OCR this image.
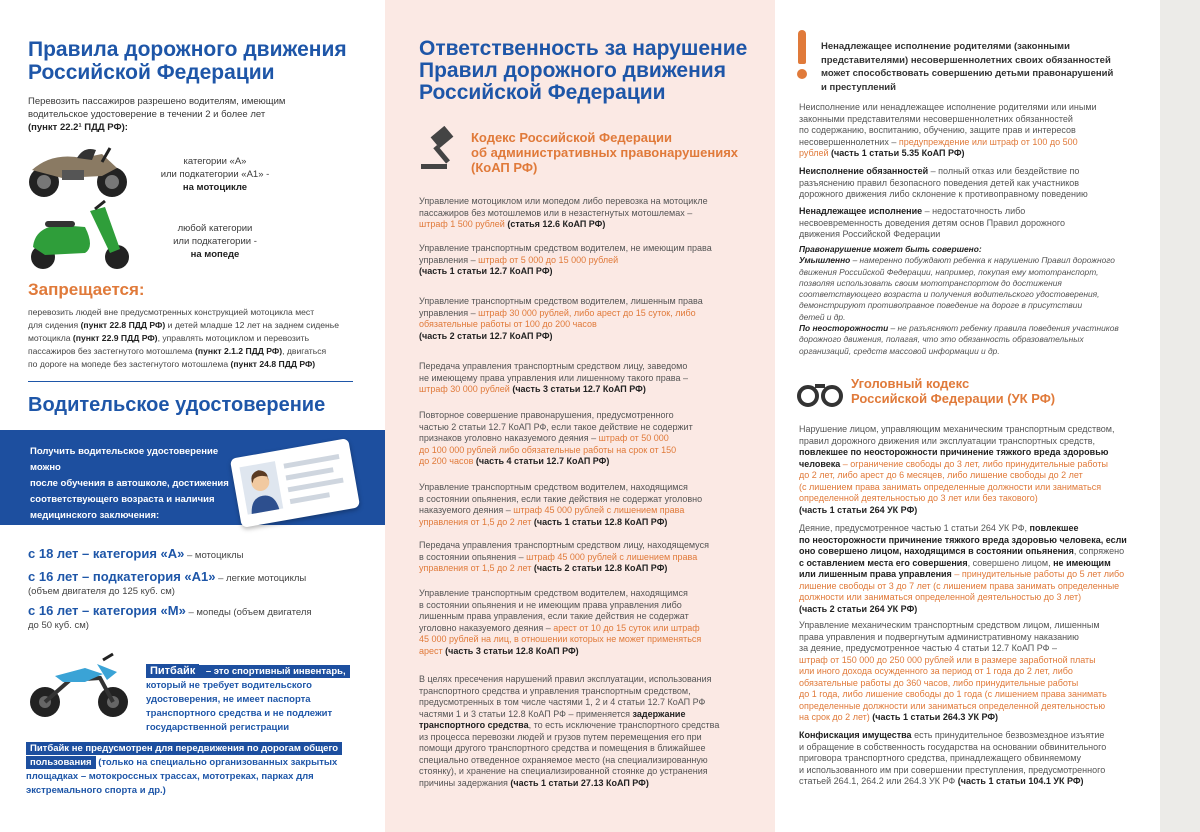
Правила дорожного движения
Российской Федерации
Перевозить пассажиров разрешено водителям, имеющим
водительское удостоверение в течении 2 и более лет
(пункт 22.2¹ ПДД РФ):
категории «А»
или подкатегории «А1» -
на мотоцикле
любой категории
или подкатегории -
на мопеде
Запрещается:
перевозить людей вне предусмотренных конструкцией мотоцикла мест
для сидения (пункт 22.8 ПДД РФ) и детей младше 12 лет на заднем сиденье
мотоцикла (пункт 22.9 ПДД РФ), управлять мотоциклом и перевозить
пассажиров без застегнутого мотошлема (пункт 2.1.2 ПДД РФ), двигаться
по дороге на мопеде без застегнутого мотошлема (пункт 24.8 ПДД РФ)
Водительское удостоверение
Получить водительское удостоверение можно
после обучения в автошколе, достижения
соответствующего возраста и наличия
медицинского заключения:
с 18 лет – категория «А» – мотоциклы
с 16 лет – подкатегория «А1» – легкие мотоциклы
(объем двигателя до 125 куб. см)
с 16 лет – категория «М» – мопеды (объем двигателя
до 50 куб. см)
Питбайк – это спортивный инвентарь,
который не требует водительского
удостоверения, не имеет паспорта
транспортного средства и не подлежит
государственной регистрации
Питбайк не предусмотрен для передвижения по дорогам общего
пользования (только на специально организованных закрытых
площадках – мотокроссных трассах, мототреках, парках для
экстремального спорта и др.)
Ответственность за нарушение
Правил дорожного движения
Российской Федерации
Кодекс Российской Федерации
об административных правонарушениях
(КоАП РФ)
Управление мотоциклом или мопедом либо перевозка на мотоцикле
пассажиров без мотошлемов или в незастегнутых мотошлемах –
штраф 1 500 рублей (статья 12.6 КоАП РФ)
Управление транспортным средством водителем, не имеющим права
управления – штраф от 5 000 до 15 000 рублей
(часть 1 статьи 12.7 КоАП РФ)
Управление транспортным средством водителем, лишенным права
управления – штраф 30 000 рублей, либо арест до 15 суток, либо
обязательные работы от 100 до 200 часов
(часть 2 статьи 12.7 КоАП РФ)
Передача управления транспортным средством лицу, заведомо
не имеющему права управления или лишенному такого права –
штраф 30 000 рублей (часть 3 статьи 12.7 КоАП РФ)
Повторное совершение правонарушения, предусмотренного
частью 2 статьи 12.7 КоАП РФ, если такое действие не содержит
признаков уголовно наказуемого деяния – штраф от 50 000
до 100 000 рублей либо обязательные работы на срок от 150
до 200 часов (часть 4 статьи 12.7 КоАП РФ)
Управление транспортным средством водителем, находящимся
в состоянии опьянения, если такие действия не содержат уголовно
наказуемого деяния – штраф 45 000 рублей с лишением права
управления от 1,5 до 2 лет (часть 1 статьи 12.8 КоАП РФ)
Передача управления транспортным средством лицу, находящемуся
в состоянии опьянения – штраф 45 000 рублей с лишением права
управления от 1,5 до 2 лет (часть 2 статьи 12.8 КоАП РФ)
Управление транспортным средством водителем, находящимся
в состоянии опьянения и не имеющим права управления либо
лишенным права управления, если такие действия не содержат
уголовно наказуемого деяния – арест от 10 до 15 суток или штраф
45 000 рублей на лиц, в отношении которых не может применяться
арест (часть 3 статьи 12.8 КоАП РФ)
В целях пресечения нарушений правил эксплуатации, использования
транспортного средства и управления транспортным средством,
предусмотренных в том числе частями 1, 2 и 4 статьи 12.7 КоАП РФ
частями 1 и 3 статьи 12.8 КоАП РФ – применяется задержание
транспортного средства, то есть исключение транспортного средства
из процесса перевозки людей и грузов путем перемещения его при
помощи другого транспортного средства и помещения в ближайшее
специально отведенное охраняемое место (на специализированную
стоянку), и хранение на специализированной стоянке до устранения
причины задержания (часть 1 статьи 27.13 КоАП РФ)
Ненадлежащее исполнение родителями (законными
представителями) несовершеннолетних своих обязанностей
может способствовать совершению детьми правонарушений
и преступлений
Неисполнение или ненадлежащее исполнение родителями или иными
законными представителями несовершеннолетних обязанностей
по содержанию, воспитанию, обучению, защите прав и интересов
несовершеннолетних – предупреждение или штраф от 100 до 500
рублей (часть 1 статьи 5.35 КоАП РФ)
Неисполнение обязанностей – полный отказ или бездействие по
разъяснению правил безопасного поведения детей как участников
дорожного движения либо склонение к противоправному поведению
Ненадлежащее исполнение – недостаточность либо
несвоевременность доведения детям основ Правил дорожного
движения Российской Федерации
Правонарушение может быть совершено:
Умышленно – намеренно побуждают ребенка к нарушению Правил дорожного
движения Российской Федерации, например, покупая ему мототранспорт,
позволяя использовать своим мототранспортом до достижения
соответствующего возраста и получения водительского удостоверения,
демонстрируют противоправное поведение на дороге в присутствии
детей и др.
По неосторожности – не разъясняют ребенку правила поведения участников
дорожного движения, полагая, что это обязанность образовательных
организаций, средств массовой информации и др.
Уголовный кодекс
Российской Федерации (УК РФ)
Нарушение лицом, управляющим механическим транспортным средством,
правил дорожного движения или эксплуатации транспортных средств,
повлекшее по неосторожности причинение тяжкого вреда здоровью
человека – ограничение свободы до 3 лет, либо принудительные работы
до 2 лет, либо арест до 6 месяцев, либо лишение свободы до 2 лет
(с лишением права занимать определенные должности или заниматься
определенной деятельностью до 3 лет или без такового)
(часть 1 статьи 264 УК РФ)
Деяние, предусмотренное частью 1 статьи 264 УК РФ, повлекшее
по неосторожности причинение тяжкого вреда здоровью человека, если
оно совершено лицом, находящимся в состоянии опьянения, сопряжено
с оставлением места его совершения, совершено лицом, не имеющим
или лишенным права управления – принудительные работы до 5 лет либо
лишение свободы от 3 до 7 лет (с лишением права занимать определенные
должности или заниматься определенной деятельностью до 3 лет)
(часть 2 статьи 264 УК РФ)
Управление механическим транспортным средством лицом, лишенным
права управления и подвергнутым административному наказанию
за деяние, предусмотренное частью 4 статьи 12.7 КоАП РФ –
штраф от 150 000 до 250 000 рублей или в размере заработной платы
или иного дохода осужденного за период от 1 года до 2 лет, либо
обязательные работы до 360 часов, либо принудительные работы
до 1 года, либо лишение свободы до 1 года (с лишением права занимать
определенные должности или заниматься определенной деятельностью
на срок до 2 лет) (часть 1 статьи 264.3 УК РФ)
Конфискация имущества есть принудительное безвозмездное изъятие
и обращение в собственность государства на основании обвинительного
приговора транспортного средства, принадлежащего обвиняемому
и использованного им при совершении преступления, предусмотренного
статьей 264.1, 264.2 или 264.3 УК РФ (часть 1 статьи 104.1 УК РФ)
